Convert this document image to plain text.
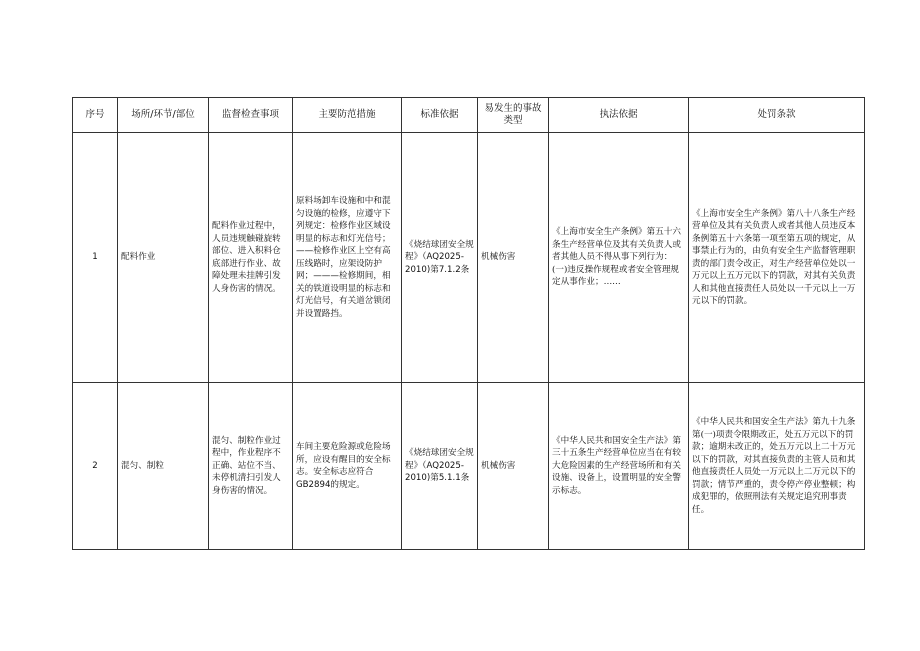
序号	场所/环节/部位	监督检查事项	主要防范措施	标准依据	易发生的事故类型	执法依据	处罚条款
1	配料作业	配料作业过程中，人员违规触碰旋转部位、进入积料仓底部进行作业、故障处理未挂牌引发人身伤害的情况。	原料场卸车设施和中和混匀设施的检修，应遵守下列规定：检修作业区域设明显的标志和灯光信号；——检修作业区上空有高压线路时，应架设防护网；———检修期间，相关的铁道设明显的标志和灯光信号，有关道岔锁闭并设置路挡。	《烧结球团安全规程》（AQ2025-2010)第7.1.2条	机械伤害	《上海市安全生产条例》第五十六条生产经营单位及其有关负责人或者其他人员不得从事下列行为：(一)违反操作规程或者安全管理规定从事作业；……	《上海市安全生产条例》第八十八条生产经营单位及其有关负责人或者其他人员违反本条例第五十六条第一项至第五项的规定，从事禁止行为的，由负有安全生产监督管理职责的部门责令改正，对生产经营单位处以一万元以上五万元以下的罚款，对其有关负责人和其他直接责任人员处以一千元以上一万元以下的罚款。
2	混匀、制粒	混匀、制粒作业过程中，作业程序不正确、站位不当、未停机清扫引发人身伤害的情况。	车间主要危险源或危险场所，应设有醒目的安全标志。安全标志应符合GB2894的规定。	《烧结球团安全规程》（AQ2025-2010)第5.1.1条	机械伤害	《中华人民共和国安全生产法》第三十五条生产经营单位应当在有较大危险因素的生产经营场所和有关设施、设备上，设置明显的安全警示标志。	《中华人民共和国安全生产法》第九十九条第(一)项责令限期改正，处五万元以下的罚款；逾期未改正的，处五万元以上二十万元以下的罚款，对其直接负责的主管人员和其他直接责任人员处一万元以上二万元以下的罚款；情节严重的，责令停产停业整顿；构成犯罪的，依照刑法有关规定追究刑事责任。
